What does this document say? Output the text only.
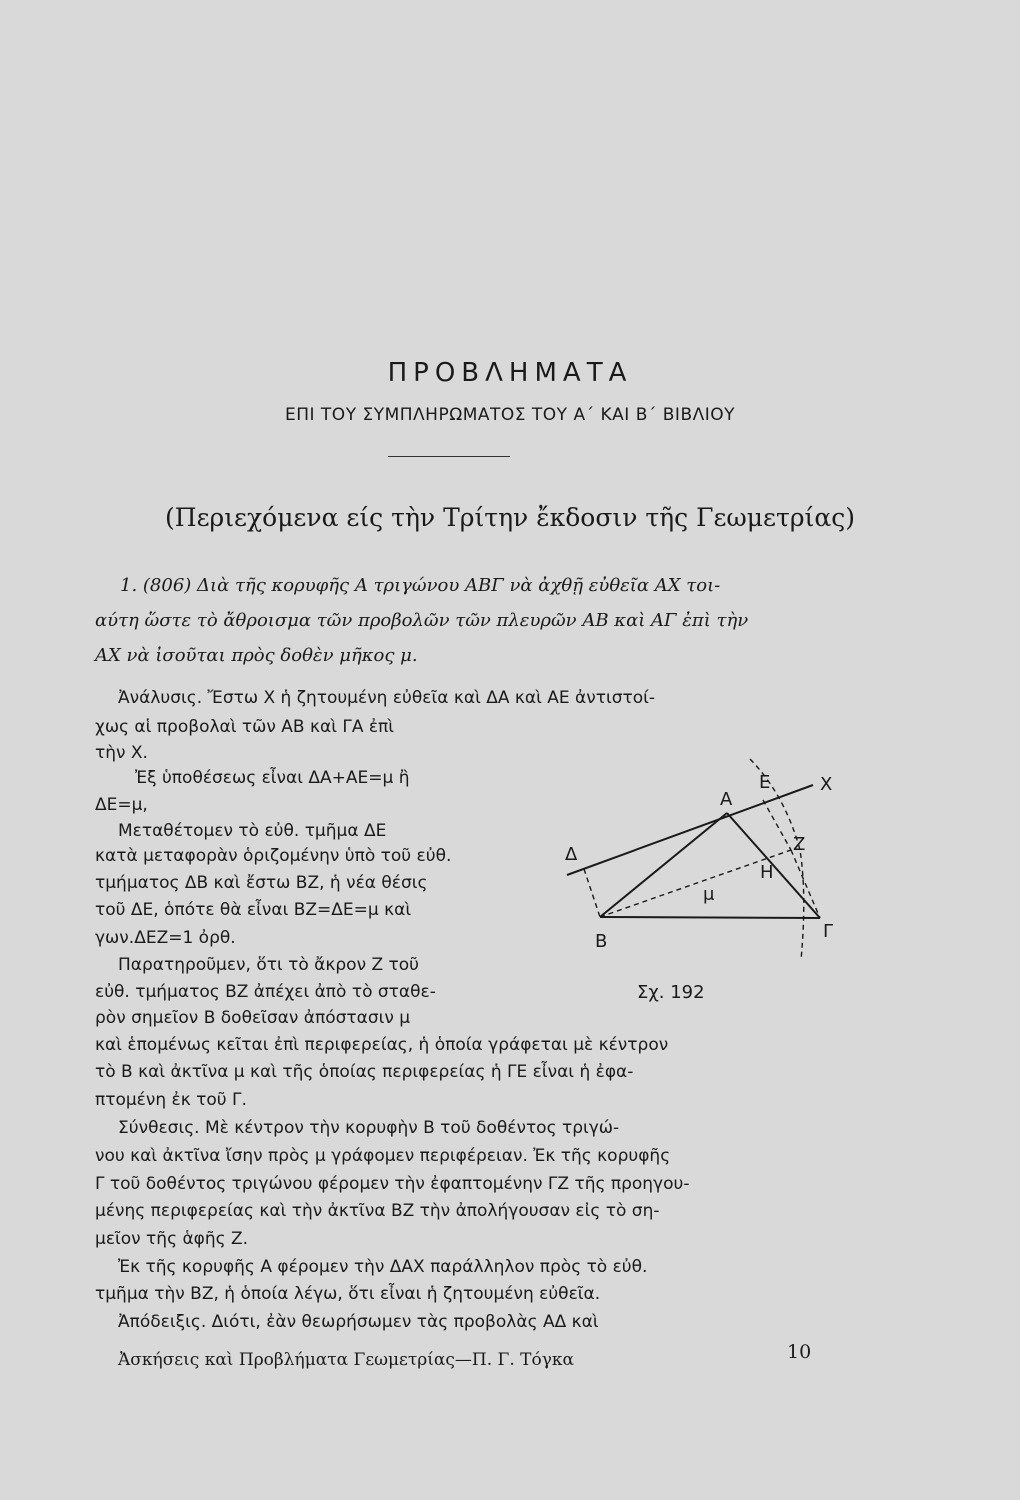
ΠΡΟΒΛΗΜΑΤΑ
ΕΠΙ ΤΟΥ ΣΥΜΠΛΗΡΩΜΑΤΟΣ ΤΟΥ Α΄ ΚΑΙ Β΄ ΒΙΒΛΙΟΥ
(Περιεχόμενα είς τὴν Τρίτην ἔκδοσιν τῆς Γεωμετρίας)
1. (806) Διὰ τῆς κορυφῆς Α τριγώνου ΑΒΓ νὰ ἀχθῇ εὐθεῖα ΑΧ τοι-
αύτη ὥστε τὸ ἄθροισμα τῶν προβολῶν τῶν πλευρῶν ΑΒ καὶ ΑΓ ἐπὶ τὴν
ΑΧ νὰ ἰσοῦται πρὸς δοθὲν μῆκος μ.
Ἀνάλυσις. Ἔστω Χ ἡ ζητουμένη εὐθεῖα καὶ ΔΑ καὶ ΑΕ ἀντιστοί-
χως αἱ προβολαὶ τῶν ΑΒ καὶ ΓΑ ἐπὶ
τὴν Χ.
Ἐξ ὑποθέσεως εἶναι ΔΑ+ΑΕ=μ ἢ
ΔΕ=μ,
Μεταθέτομεν τὸ εὐθ. τμῆμα ΔΕ
κατὰ μεταφορὰν ὁριζομένην ὑπὸ τοῦ εὐθ.
τμήματος ΔΒ καὶ ἔστω ΒΖ, ἡ νέα θέσις
τοῦ ΔΕ, ὁπότε θὰ εἶναι ΒΖ=ΔΕ=μ καὶ
γων.ΔΕΖ=1 ὀρθ.
Παρατηροῦμεν, ὅτι τὸ ἄκρον Ζ τοῦ
εὐθ. τμήματος ΒΖ ἀπέχει ἀπὸ τὸ σταθε-
ρὸν σημεῖον Β δοθεῖσαν ἀπόστασιν μ
καὶ ἑπομένως κεῖται ἐπὶ περιφερείας, ἡ ὁποία γράφεται μὲ κέντρον
τὸ Β καὶ ἀκτῖνα μ καὶ τῆς ὁποίας περιφερείας ἡ ΓΕ εἶναι ἡ ἐφα-
πτομένη ἐκ τοῦ Γ.
Σύνθεσις. Μὲ κέντρον τὴν κορυφὴν Β τοῦ δοθέντος τριγώ-
νου καὶ ἀκτῖνα ἴσην πρὸς μ γράφομεν περιφέρειαν. Ἐκ τῆς κορυφῆς
Γ τοῦ δοθέντος τριγώνου φέρομεν τὴν ἐφαπτομένην ΓΖ τῆς προηγου-
μένης περιφερείας καὶ τὴν ἀκτῖνα ΒΖ τὴν ἀπολήγουσαν εἰς τὸ ση-
μεῖον τῆς ἁφῆς Ζ.
Ἐκ τῆς κορυφῆς Α φέρομεν τὴν ΔΑΧ παράλληλον πρὸς τὸ εὐθ.
τμῆμα τὴν ΒΖ, ἡ ὁποία λέγω, ὅτι εἶναι ἡ ζητουμένη εὐθεῖα.
Ἀπόδειξις. Διότι, ἐὰν θεωρήσωμεν τὰς προβολὰς ΑΔ καὶ
Δ
Α
Ε	Χ
Ζ
Η
μ
Β	Γ
Σχ. 192
Ἀσκήσεις καὶ Προβλήματα Γεωμετρίας—Π. Γ. Τόγκα	10
